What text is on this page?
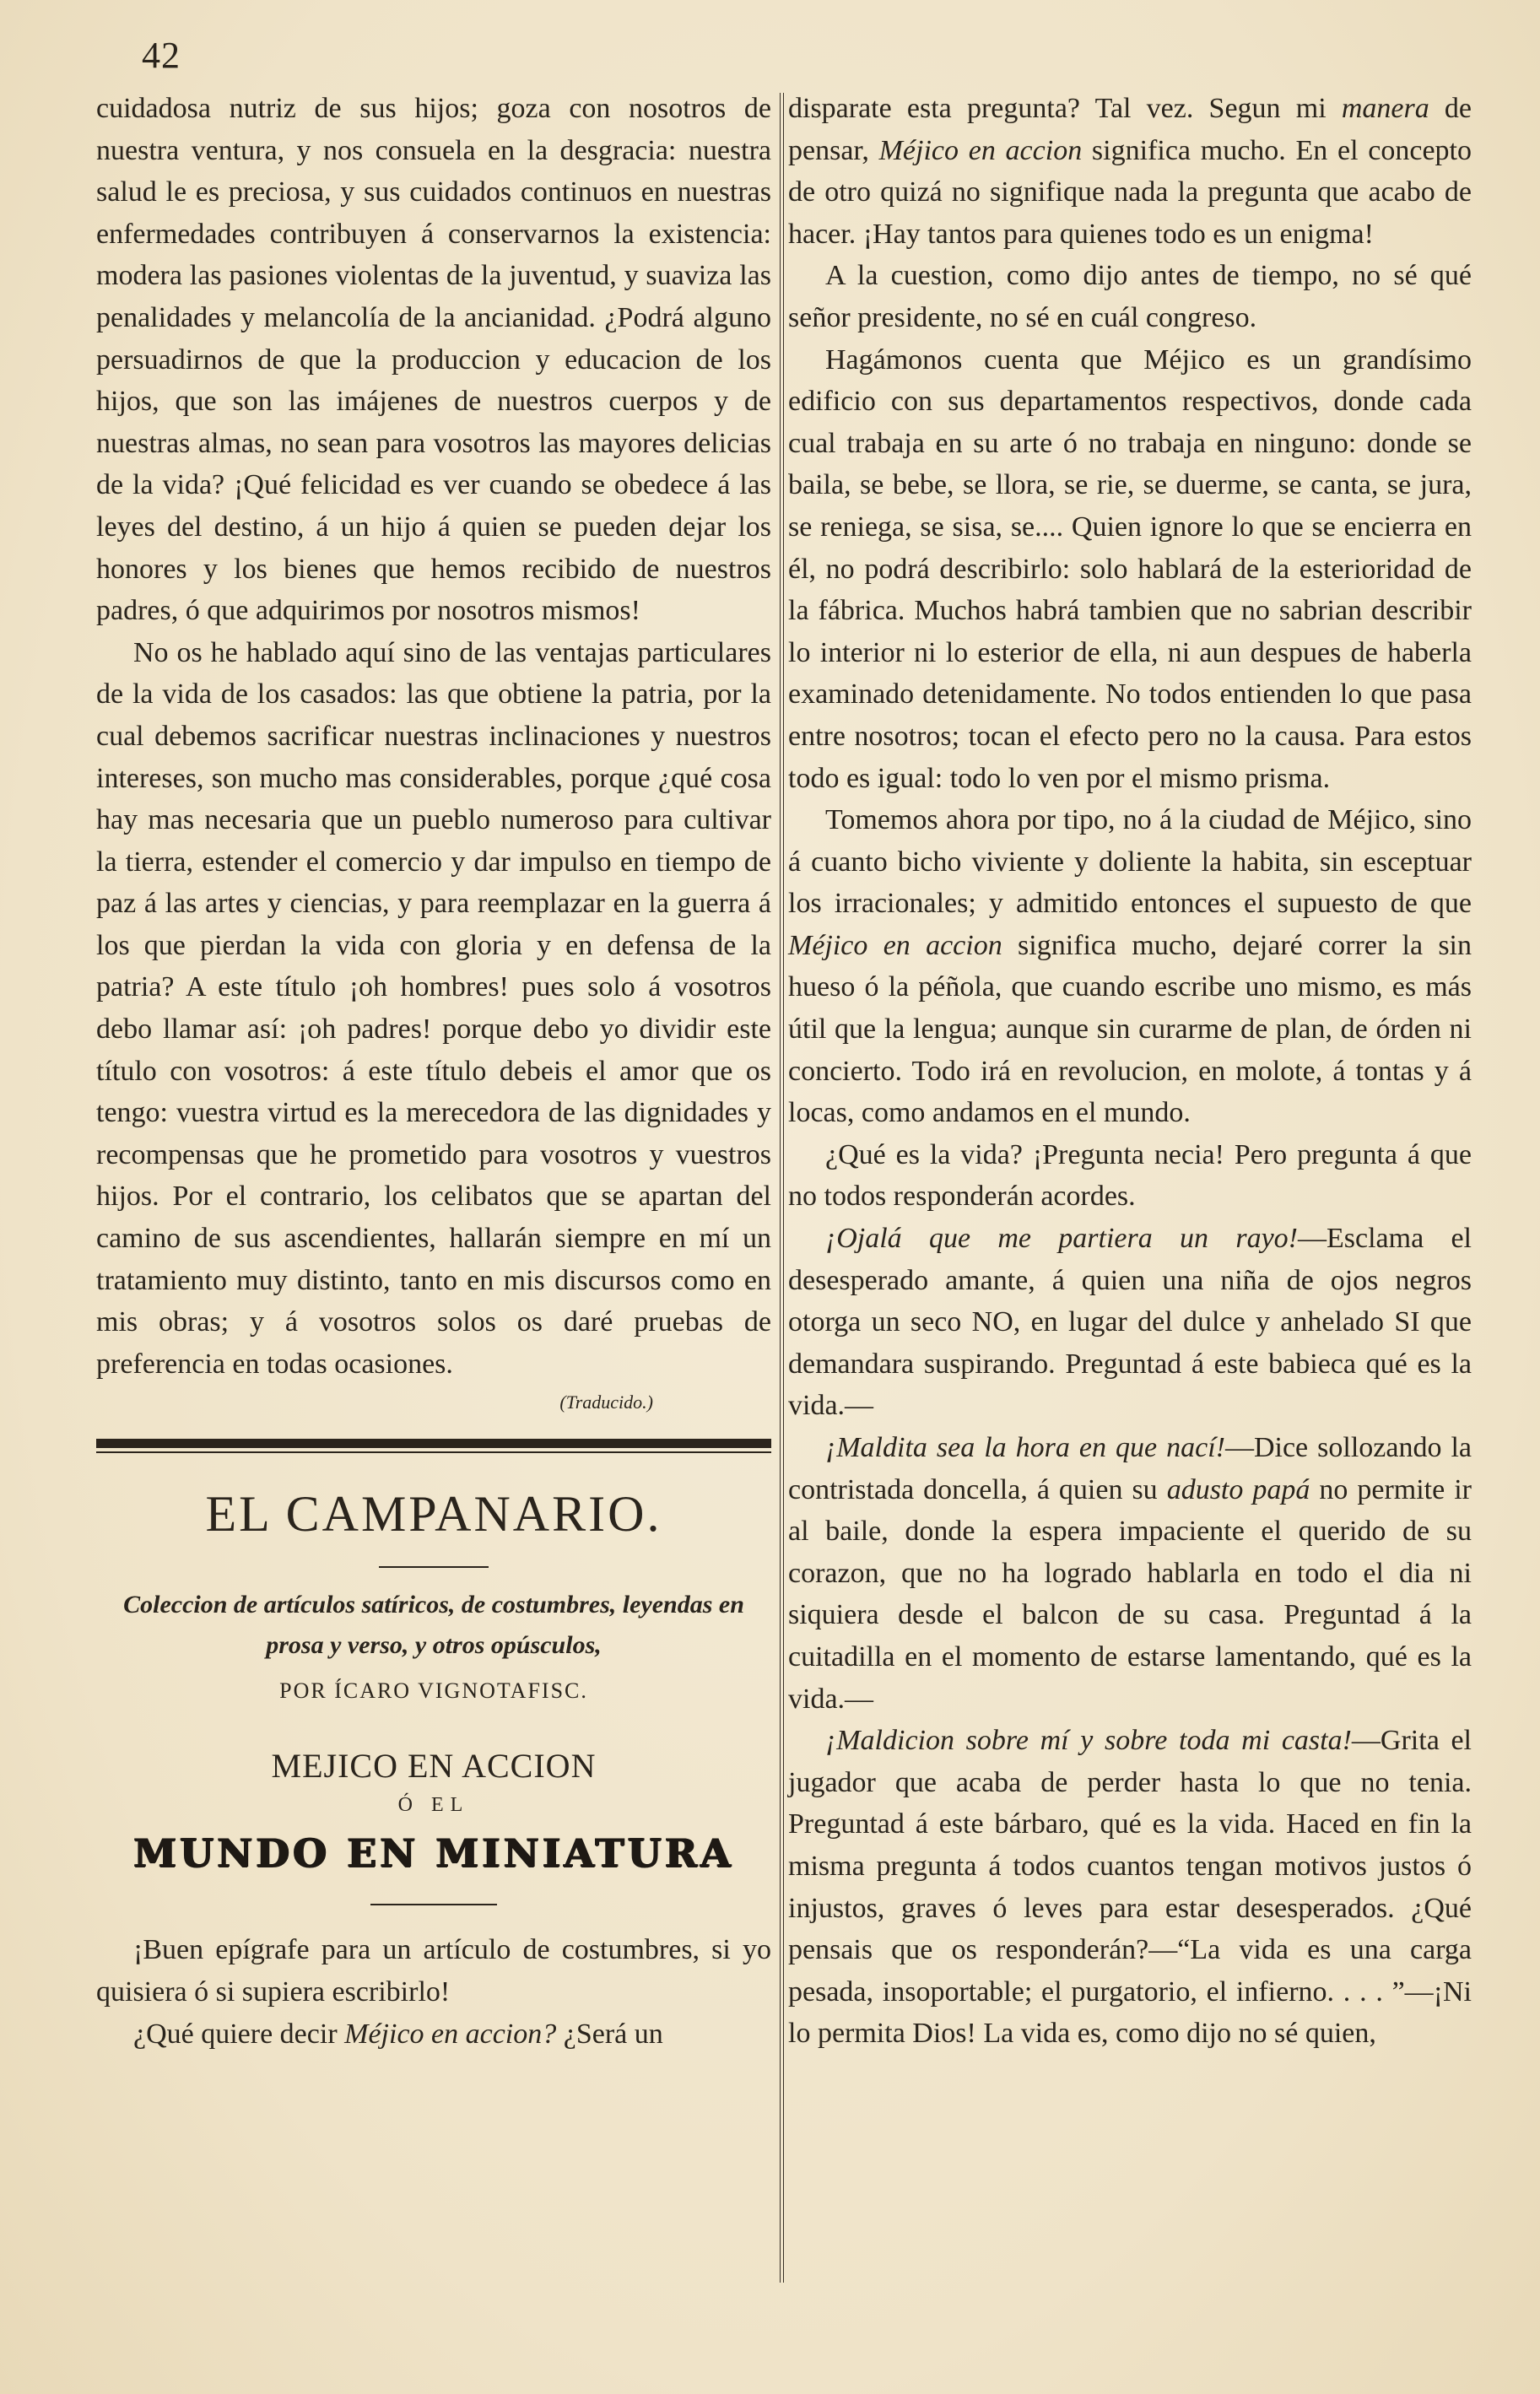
42

cuidadosa nutriz de sus hijos; goza con nosotros de nuestra ventura, y nos consuela en la desgracia: nuestra salud le es preciosa, y sus cuidados continuos en nuestras enfermedades contribuyen á conservarnos la existencia: modera las pasiones violentas de la juventud, y suaviza las penalidades y melancolía de la ancianidad. ¿Podrá alguno persuadirnos de que la produccion y educacion de los hijos, que son las imájenes de nuestros cuerpos y de nuestras almas, no sean para vosotros las mayores delicias de la vida? ¡Qué felicidad es ver cuando se obedece á las leyes del destino, á un hijo á quien se pueden dejar los honores y los bienes que hemos recibido de nuestros padres, ó que adquirimos por nosotros mismos!

No os he hablado aquí sino de las ventajas particulares de la vida de los casados: las que obtiene la patria, por la cual debemos sacrificar nuestras inclinaciones y nuestros intereses, son mucho mas considerables, porque ¿qué cosa hay mas necesaria que un pueblo numeroso para cultivar la tierra, estender el comercio y dar impulso en tiempo de paz á las artes y ciencias, y para reemplazar en la guerra á los que pierdan la vida con gloria y en defensa de la patria? A este título ¡oh hombres! pues solo á vosotros debo llamar así: ¡oh padres! porque debo yo dividir este título con vosotros: á este título debeis el amor que os tengo: vuestra virtud es la merecedora de las dignidades y recompensas que he prometido para vosotros y vuestros hijos. Por el contrario, los celibatos que se apartan del camino de sus ascendientes, hallarán siempre en mí un tratamiento muy distinto, tanto en mis discursos como en mis obras; y á vosotros solos os daré pruebas de preferencia en todas ocasiones.

(Traducido.)
EL CAMPANARIO.
Coleccion de artículos satíricos, de costumbres, leyendas en prosa y verso, y otros opúsculos,
POR ÍCARO VIGNOTAFISC.
MEJICO EN ACCION
Ó EL
MUNDO EN MINIATURA

¡Buen epígrafe para un artículo de costumbres, si yo quisiera ó si supiera escribirlo!

¿Qué quiere decir Méjico en accion? ¿Será un

disparate esta pregunta? Tal vez. Segun mi manera de pensar, Méjico en accion significa mucho. En el concepto de otro quizá no signifique nada la pregunta que acabo de hacer. ¡Hay tantos para quienes todo es un enigma!

A la cuestion, como dijo antes de tiempo, no sé qué señor presidente, no sé en cuál congreso.

Hagámonos cuenta que Méjico es un grandísimo edificio con sus departamentos respectivos, donde cada cual trabaja en su arte ó no trabaja en ninguno: donde se baila, se bebe, se llora, se rie, se duerme, se canta, se jura, se reniega, se sisa, se.... Quien ignore lo que se encierra en él, no podrá describirlo: solo hablará de la esterioridad de la fábrica. Muchos habrá tambien que no sabrian describir lo interior ni lo esterior de ella, ni aun despues de haberla examinado detenidamente. No todos entienden lo que pasa entre nosotros; tocan el efecto pero no la causa. Para estos todo es igual: todo lo ven por el mismo prisma.

Tomemos ahora por tipo, no á la ciudad de Méjico, sino á cuanto bicho viviente y doliente la habita, sin esceptuar los irracionales; y admitido entonces el supuesto de que Méjico en accion significa mucho, dejaré correr la sin hueso ó la péñola, que cuando escribe uno mismo, es más útil que la lengua; aunque sin curarme de plan, de órden ni concierto. Todo irá en revolucion, en molote, á tontas y á locas, como andamos en el mundo.

¿Qué es la vida? ¡Pregunta necia! Pero pregunta á que no todos responderán acordes.

¡Ojalá que me partiera un rayo!—Esclama el desesperado amante, á quien una niña de ojos negros otorga un seco NO, en lugar del dulce y anhelado SI que demandara suspirando. Preguntad á este babieca qué es la vida.—

¡Maldita sea la hora en que nací!—Dice sollozando la contristada doncella, á quien su adusto papá no permite ir al baile, donde la espera impaciente el querido de su corazon, que no ha logrado hablarla en todo el dia ni siquiera desde el balcon de su casa. Preguntad á la cuitadilla en el momento de estarse lamentando, qué es la vida.—

¡Maldicion sobre mí y sobre toda mi casta!—Grita el jugador que acaba de perder hasta lo que no tenia. Preguntad á este bárbaro, qué es la vida. Haced en fin la misma pregunta á todos cuantos tengan motivos justos ó injustos, graves ó leves para estar desesperados. ¿Qué pensais que os responderán?—“La vida es una carga pesada, insoportable; el purgatorio, el infierno. . . . ”—¡Ni lo permita Dios! La vida es, como dijo no sé quien,
